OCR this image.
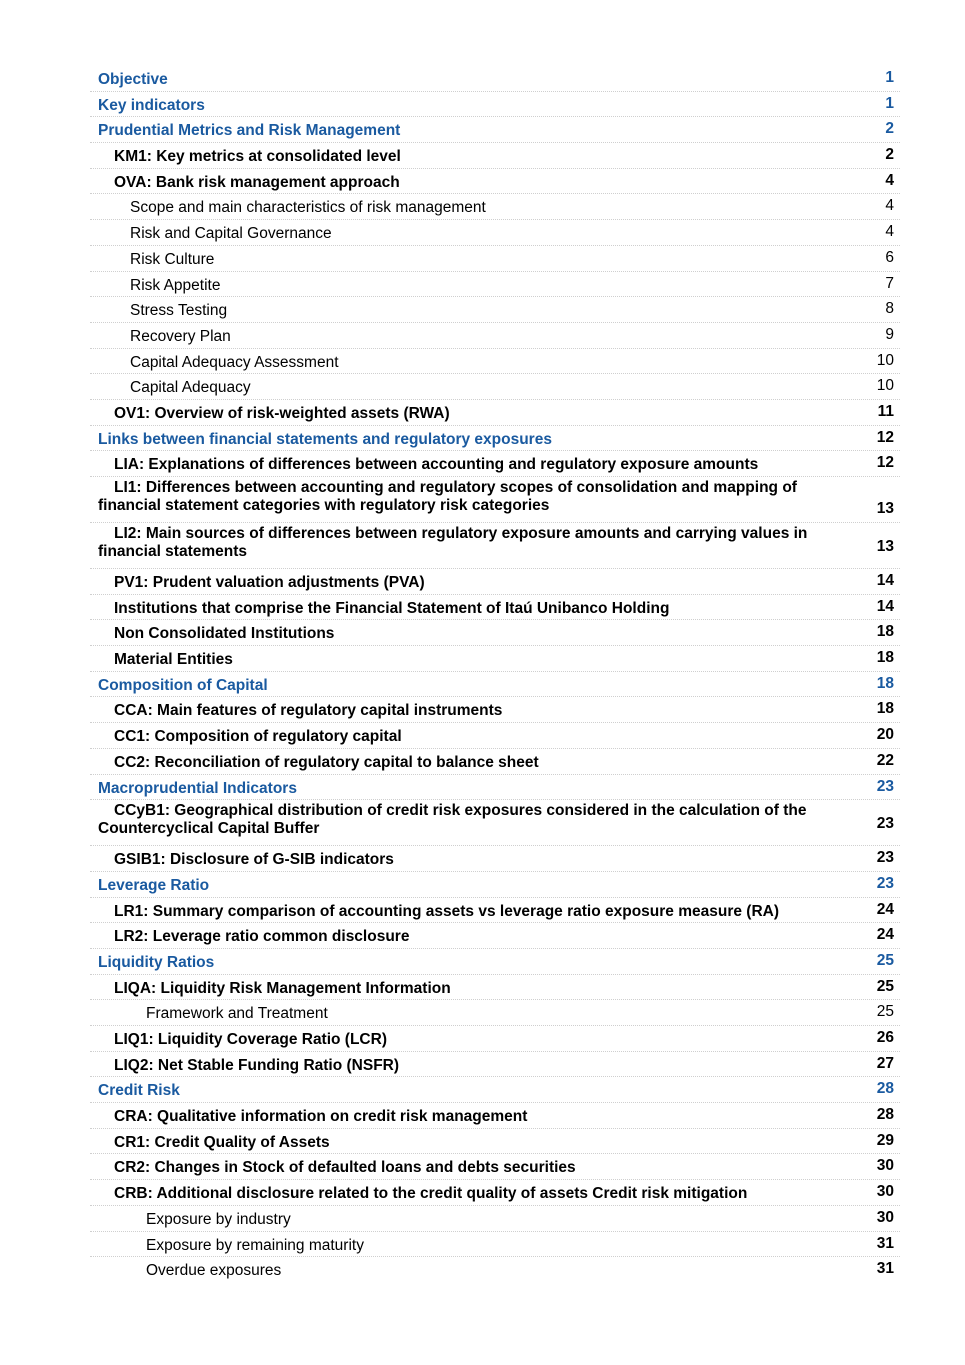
Objective	1
Key indicators	1
Prudential Metrics and Risk Management	2
KM1: Key metrics at consolidated level	2
OVA: Bank risk management approach	4
Scope and main characteristics of risk management	4
Risk and Capital Governance	4
Risk Culture	6
Risk Appetite	7
Stress Testing	8
Recovery Plan	9
Capital Adequacy Assessment	10
Capital Adequacy	10
OV1: Overview of risk-weighted assets (RWA)	11
Links between financial statements and regulatory exposures	12
LIA: Explanations of differences between accounting and regulatory exposure amounts	12
LI1: Differences between accounting and regulatory scopes of consolidation and mapping of financial statement categories with regulatory risk categories	13
LI2: Main sources of differences between regulatory exposure amounts and carrying values in financial statements	13
PV1: Prudent valuation adjustments (PVA)	14
Institutions that comprise the Financial Statement of Itaú Unibanco Holding	14
Non Consolidated Institutions	18
Material Entities	18
Composition of Capital	18
CCA: Main features of regulatory capital instruments	18
CC1: Composition of regulatory capital	20
CC2: Reconciliation of regulatory capital to balance sheet	22
Macroprudential Indicators	23
CCyB1: Geographical distribution of credit risk exposures considered in the calculation of the Countercyclical Capital Buffer	23
GSIB1: Disclosure of G-SIB indicators	23
Leverage Ratio	23
LR1: Summary comparison of accounting assets vs leverage ratio exposure measure (RA)	24
LR2: Leverage ratio common disclosure	24
Liquidity Ratios	25
LIQA: Liquidity Risk Management Information	25
Framework and Treatment	25
LIQ1: Liquidity Coverage Ratio (LCR)	26
LIQ2: Net Stable Funding Ratio (NSFR)	27
Credit Risk	28
CRA: Qualitative information on credit risk management	28
CR1: Credit Quality of Assets	29
CR2: Changes in Stock of defaulted loans and debts securities	30
CRB: Additional disclosure related to the credit quality of assets Credit risk mitigation	30
Exposure by industry	30
Exposure by remaining maturity	31
Overdue exposures	31
